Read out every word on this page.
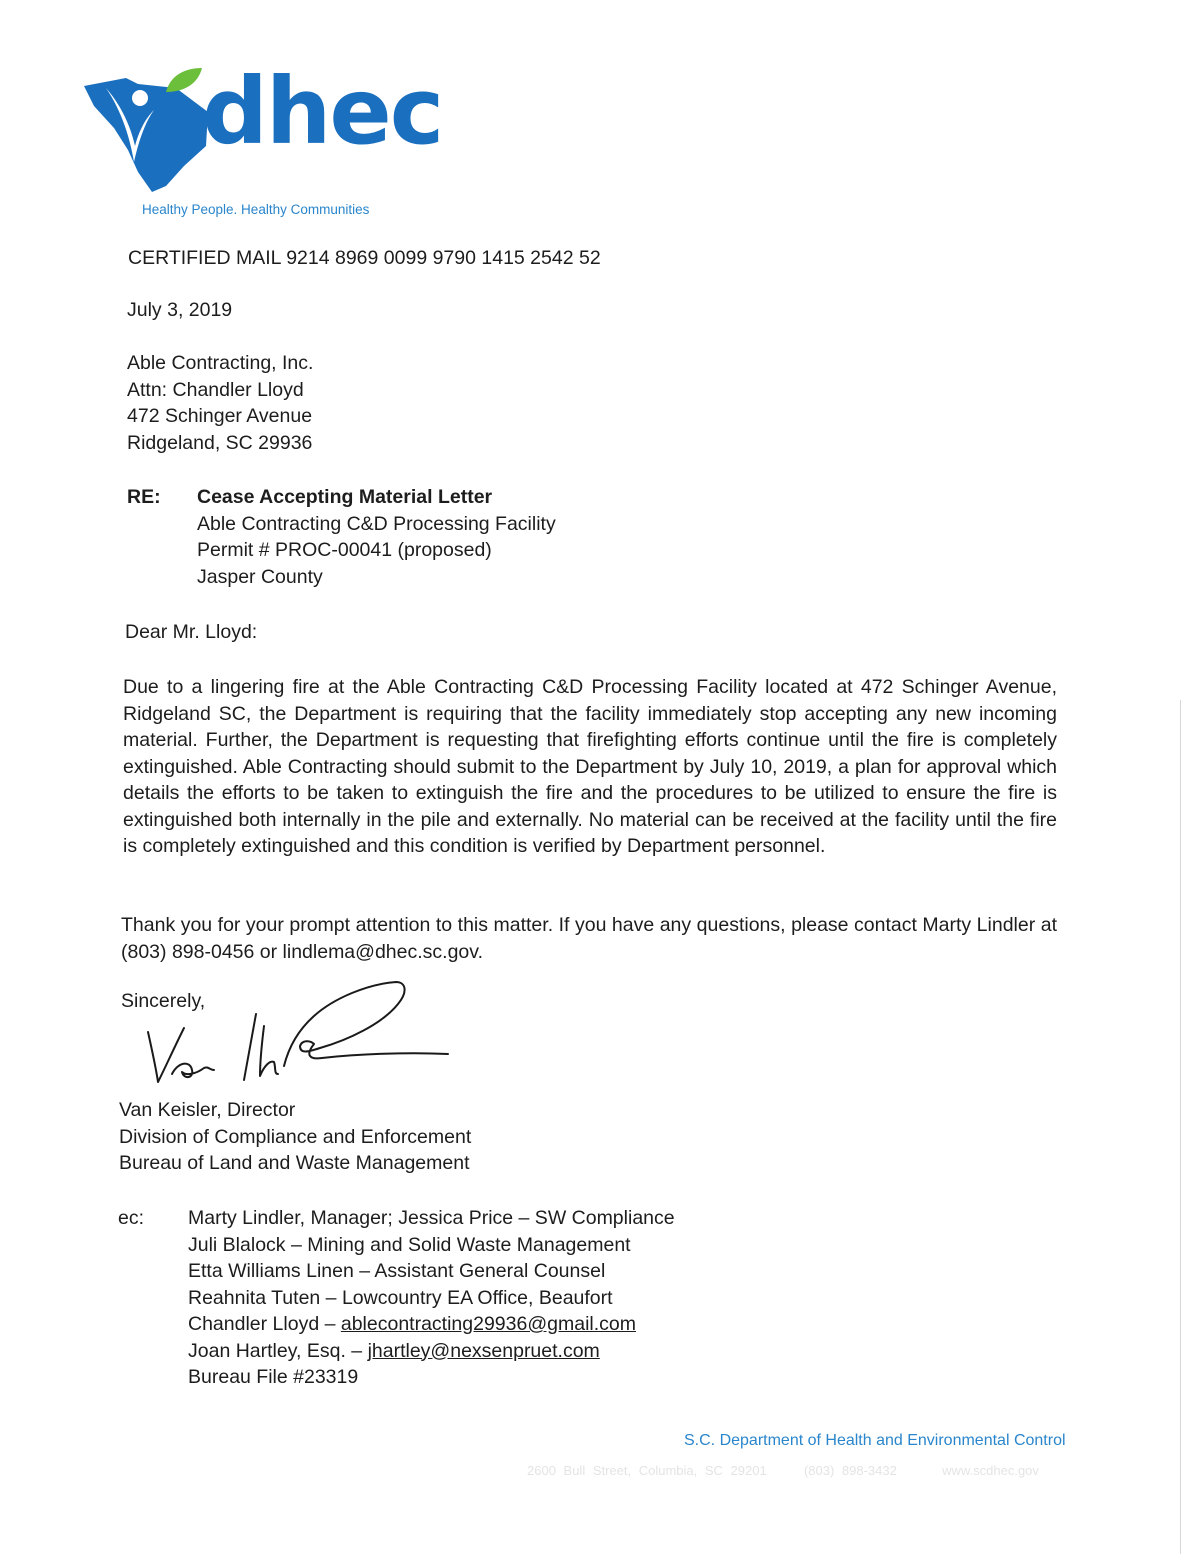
dhec
Healthy People. Healthy Communities
CERTIFIED MAIL 9214 8969 0099 9790 1415 2542 52
July 3, 2019
Able Contracting, Inc.
Attn: Chandler Lloyd
472 Schinger Avenue
Ridgeland, SC 29936
RE: Cease Accepting Material Letter
Able Contracting C&D Processing Facility
Permit # PROC-00041 (proposed)
Jasper County
Dear Mr. Lloyd:

Due to a lingering fire at the Able Contracting C&D Processing Facility located at 472 Schinger Avenue, Ridgeland SC, the Department is requiring that the facility immediately stop accepting any new incoming material. Further, the Department is requesting that firefighting efforts continue until the fire is completely extinguished. Able Contracting should submit to the Department by July 10, 2019, a plan for approval which details the efforts to be taken to extinguish the fire and the procedures to be utilized to ensure the fire is extinguished both internally in the pile and externally. No material can be received at the facility until the fire is completely extinguished and this condition is verified by Department personnel.

Thank you for your prompt attention to this matter. If you have any questions, please contact Marty Lindler at (803) 898-0456 or lindlema@dhec.sc.gov.

Sincerely,
Van Keisler, Director
Division of Compliance and Enforcement
Bureau of Land and Waste Management
ec: Marty Lindler, Manager; Jessica Price – SW Compliance
Juli Blalock – Mining and Solid Waste Management
Etta Williams Linen – Assistant General Counsel
Reahnita Tuten – Lowcountry EA Office, Beaufort
Chandler Lloyd – ablecontracting29936@gmail.com
Joan Hartley, Esq. – jhartley@nexsenpruet.com
Bureau File #23319
S.C. Department of Health and Environmental Control
2600 Bull Street, Columbia, SC 29201	(803) 898-3432	www.scdhec.gov
